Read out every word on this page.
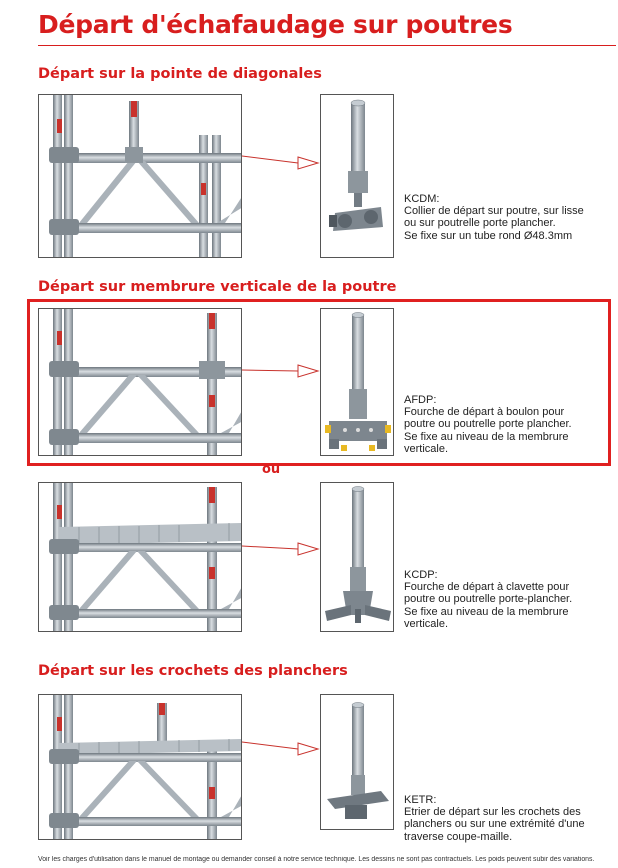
Départ d'échafaudage sur poutres
Départ sur la pointe de diagonales
KCDM:
Collier de départ sur poutre, sur lisse
ou sur poutrelle porte plancher.
Se fixe sur un tube rond Ø48.3mm
Départ sur membrure verticale de la poutre
AFDP:
Fourche de départ à boulon pour
poutre ou poutrelle porte plancher.
Se fixe au niveau de la membrure
verticale.
ou
KCDP:
Fourche de départ à clavette pour
poutre ou poutrelle porte-plancher.
Se fixe au niveau de la membrure
verticale.
Départ sur les crochets des planchers
KETR:
Etrier de départ sur les crochets des
planchers ou sur une extrémité d'une
traverse coupe-maille.

Voir les charges d'utilisation dans le manuel de montage ou demander conseil à notre service technique. Les dessins ne sont pas contractuels. Les poids peuvent subir des variations.
